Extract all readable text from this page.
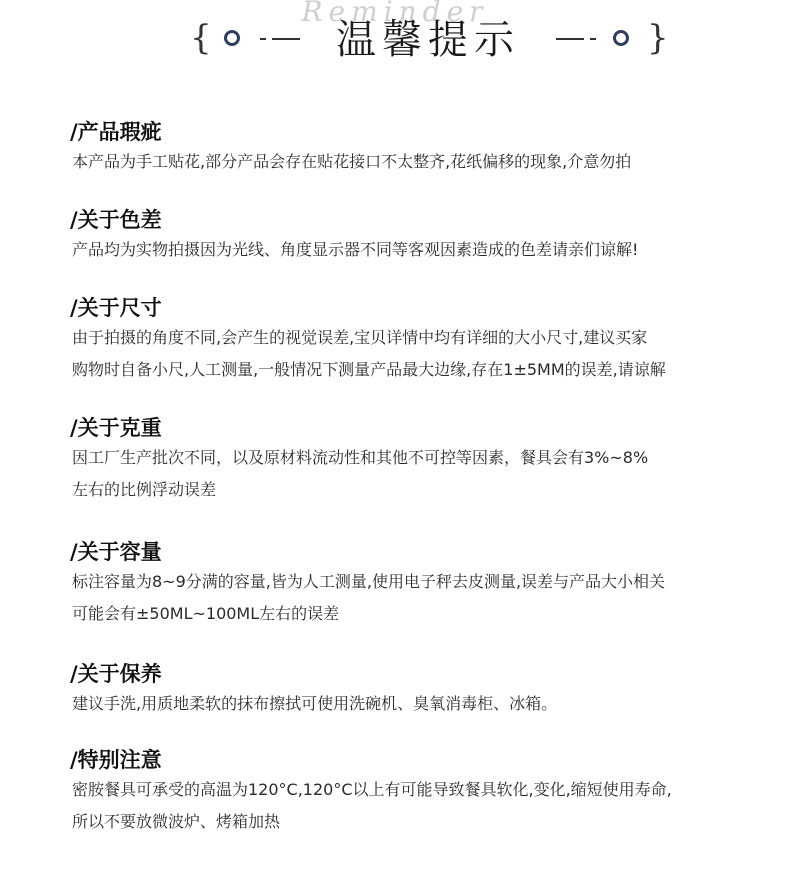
Reminder
{	温馨提示	}
/产品瑕疵
本产品为手工贴花,部分产品会存在贴花接口不太整齐,花纸偏移的现象,介意勿拍
/关于色差
产品均为实物拍摄因为光线、角度显示器不同等客观因素造成的色差请亲们谅解!
/关于尺寸
由于拍摄的角度不同,会产生的视觉误差,宝贝详情中均有详细的大小尺寸,建议买家
购物时自备小尺,人工测量,一般情况下测量产品最大边缘,存在1±5MM的误差,请谅解
/关于克重
因工厂生产批次不同，以及原材料流动性和其他不可控等因素，餐具会有3%~8%
左右的比例浮动误差
/关于容量
标注容量为8~9分满的容量,皆为人工测量,使用电子秤去皮测量,误差与产品大小相关
可能会有±50ML~100ML左右的误差
/关于保养
建议手洗,用质地柔软的抹布擦拭可使用洗碗机、臭氧消毒柜、冰箱。
/特别注意
密胺餐具可承受的高温为120°C,120°C以上有可能导致餐具软化,变化,缩短使用寿命,
所以不要放微波炉、烤箱加热
